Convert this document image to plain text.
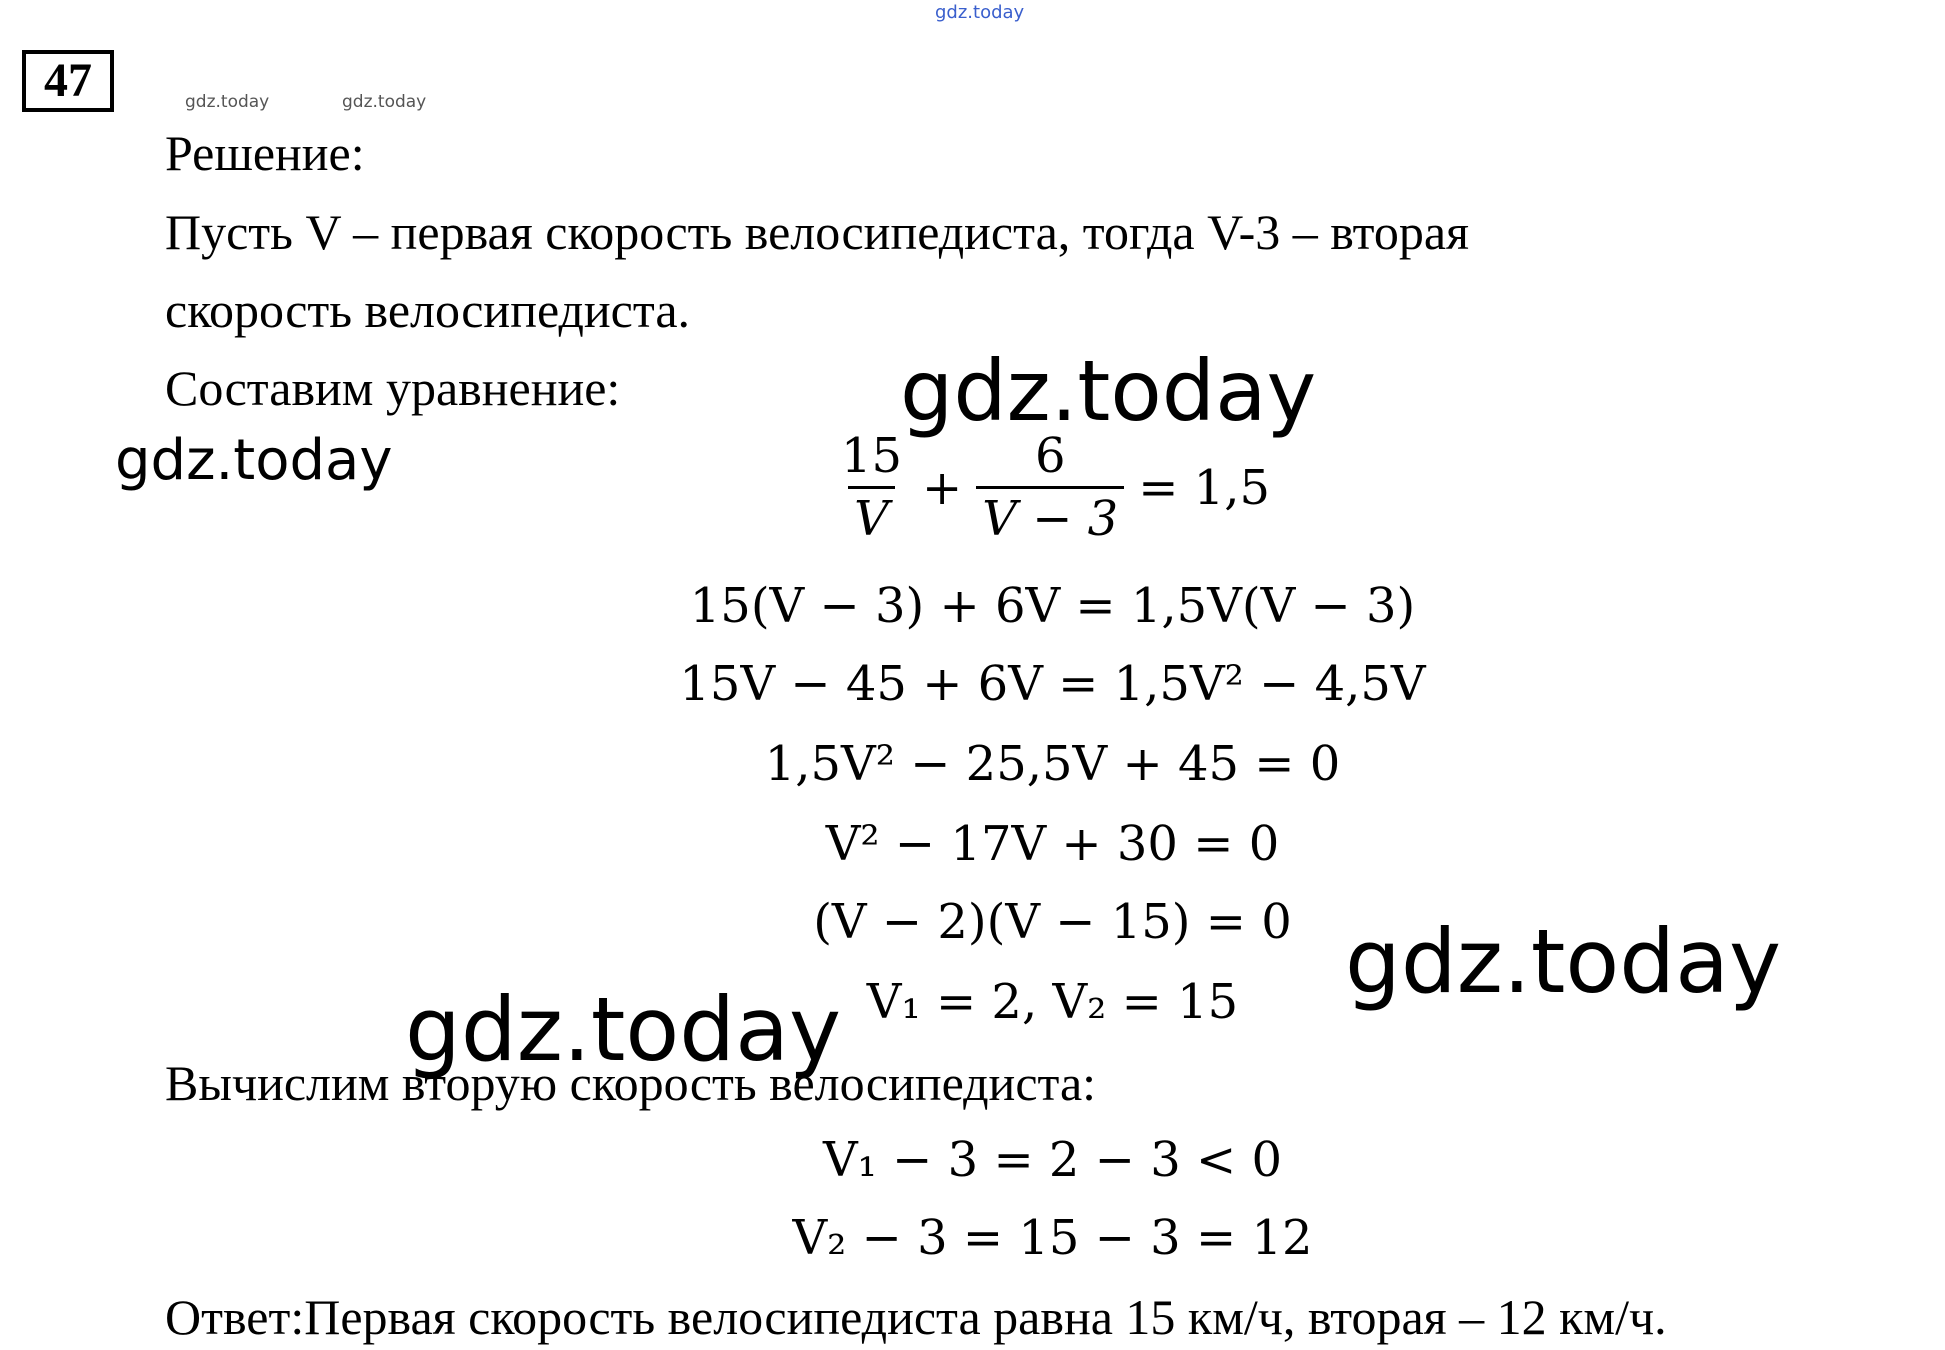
gdz.today
gdz.today	gdz.today
47
Решение:
Пусть V – первая скорость велосипедиста, тогда V-3 – вторая
скорость велосипедиста.
Составим уравнение:	gdz.today
gdz.today	$\frac{15}{V} + \frac{6}{V - 3} = 1,5$
15(V − 3) + 6V = 1,5V(V − 3)
15V − 45 + 6V = 1,5V² − 4,5V
1,5V² − 25,5V + 45 = 0
V² − 17V + 30 = 0
(V − 2)(V − 15) = 0
V₁ = 2, V₂ = 15	gdz.today
gdz.today
Вычислим вторую скорость велосипедиста:
V₁ − 3 = 2 − 3 < 0
V₂ − 3 = 15 − 3 = 12
Ответ:Первая скорость велосипедиста равна 15 км/ч, вторая – 12 км/ч.
